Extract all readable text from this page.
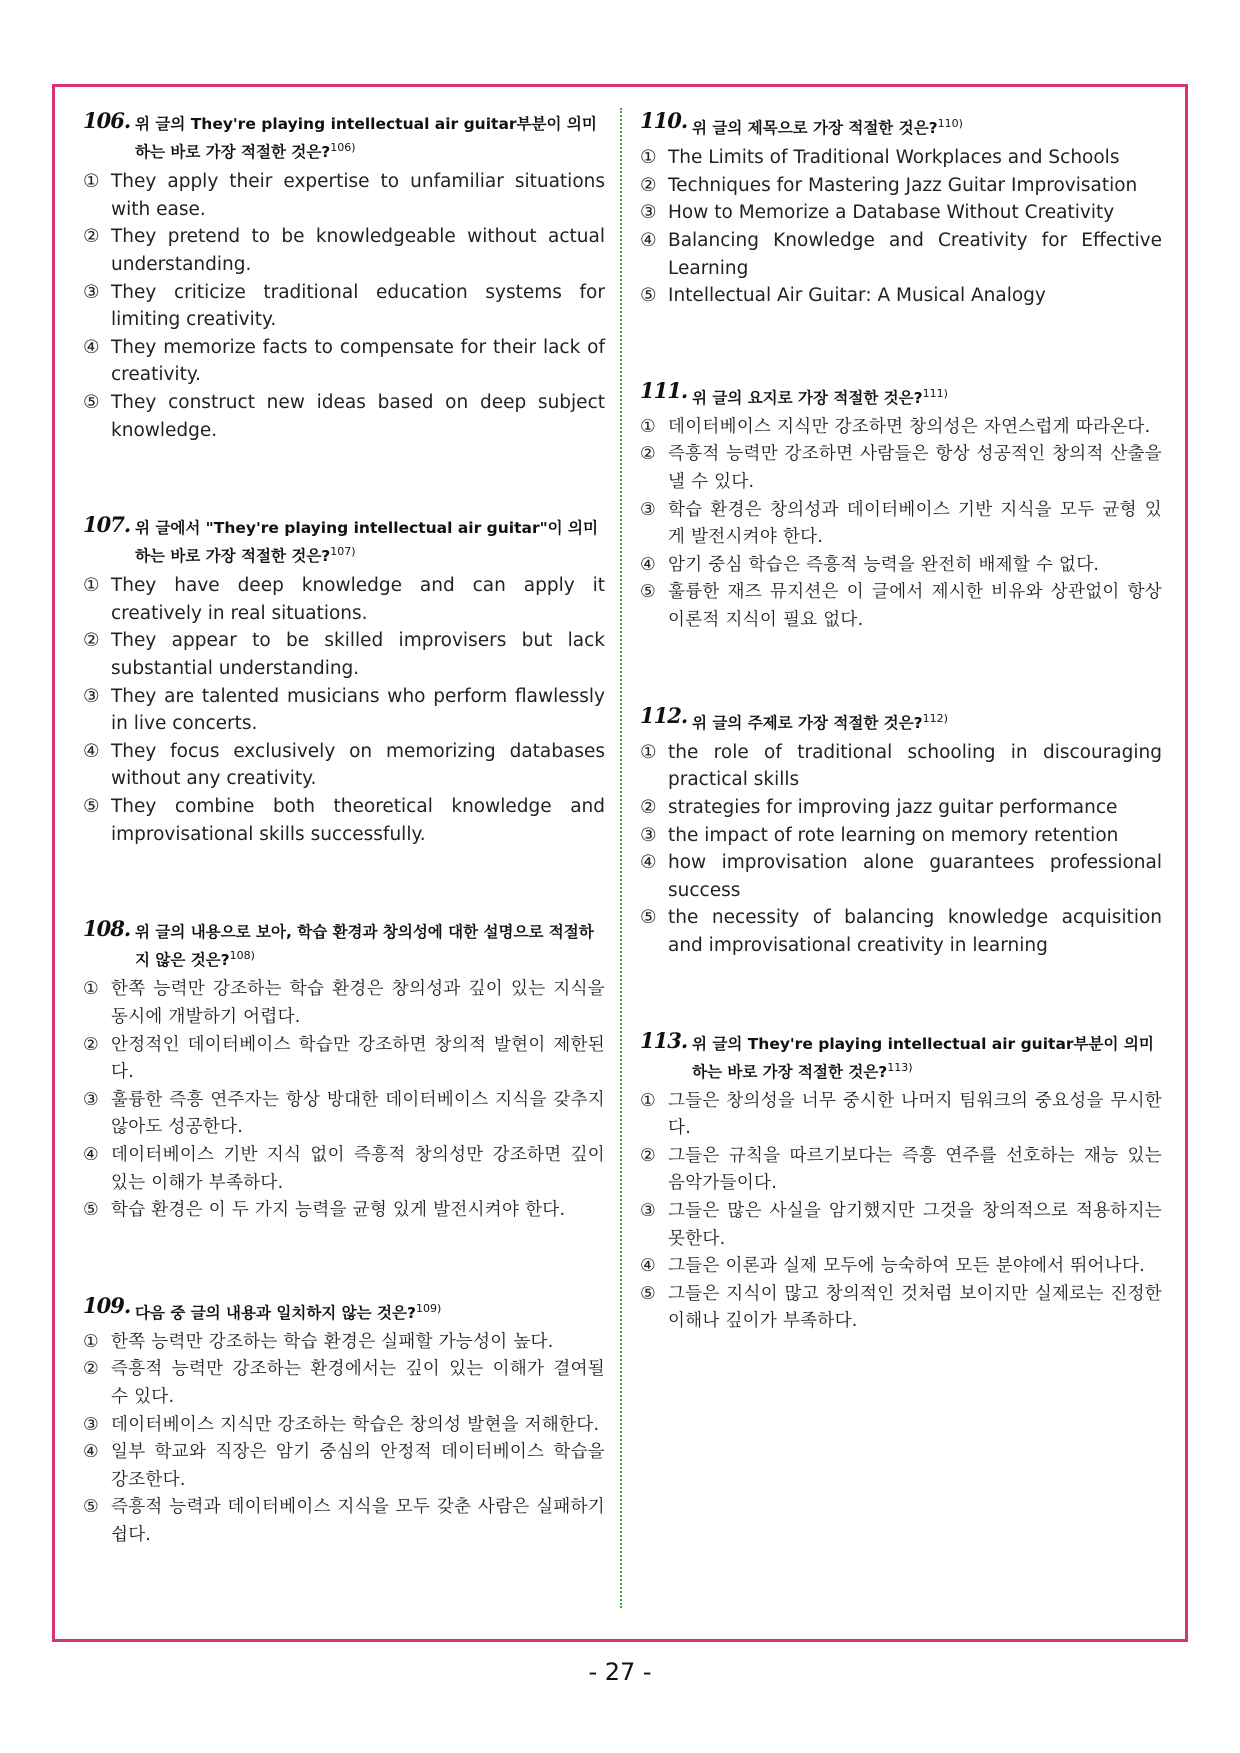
106. 위 글의 They're playing intellectual air guitar부분이 의미하는 바로 가장 적절한 것은?$^{106)}$
① They apply their expertise to unfamiliar situations with ease.
② They pretend to be knowledgeable without actual understanding.
③ They criticize traditional education systems for limiting creativity.
④ They memorize facts to compensate for their lack of creativity.
⑤ They construct new ideas based on deep subject knowledge.
107. 위 글에서 "They're playing intellectual air guitar"이 의미하는 바로 가장 적절한 것은?$^{107)}$
① They have deep knowledge and can apply it creatively in real situations.
② They appear to be skilled improvisers but lack substantial understanding.
③ They are talented musicians who perform flawlessly in live concerts.
④ They focus exclusively on memorizing databases without any creativity.
⑤ They combine both theoretical knowledge and improvisational skills successfully.
108. 위 글의 내용으로 보아, 학습 환경과 창의성에 대한 설명으로 적절하지 않은 것은?$^{108)}$
① 한쪽 능력만 강조하는 학습 환경은 창의성과 깊이 있는 지식을 동시에 개발하기 어렵다.
② 안정적인 데이터베이스 학습만 강조하면 창의적 발현이 제한된다.
③ 훌륭한 즉흥 연주자는 항상 방대한 데이터베이스 지식을 갖추지 않아도 성공한다.
④ 데이터베이스 기반 지식 없이 즉흥적 창의성만 강조하면 깊이 있는 이해가 부족하다.
⑤ 학습 환경은 이 두 가지 능력을 균형 있게 발전시켜야 한다.
109. 다음 중 글의 내용과 일치하지 않는 것은?$^{109)}$
① 한쪽 능력만 강조하는 학습 환경은 실패할 가능성이 높다.
② 즉흥적 능력만 강조하는 환경에서는 깊이 있는 이해가 결여될 수 있다.
③ 데이터베이스 지식만 강조하는 학습은 창의성 발현을 저해한다.
④ 일부 학교와 직장은 암기 중심의 안정적 데이터베이스 학습을 강조한다.
⑤ 즉흥적 능력과 데이터베이스 지식을 모두 갖춘 사람은 실패하기 쉽다.
110. 위 글의 제목으로 가장 적절한 것은?$^{110)}$
① The Limits of Traditional Workplaces and Schools
② Techniques for Mastering Jazz Guitar Improvisation
③ How to Memorize a Database Without Creativity
④ Balancing Knowledge and Creativity for Effective Learning
⑤ Intellectual Air Guitar: A Musical Analogy
111. 위 글의 요지로 가장 적절한 것은?$^{111)}$
① 데이터베이스 지식만 강조하면 창의성은 자연스럽게 따라온다.
② 즉흥적 능력만 강조하면 사람들은 항상 성공적인 창의적 산출을 낼 수 있다.
③ 학습 환경은 창의성과 데이터베이스 기반 지식을 모두 균형 있게 발전시켜야 한다.
④ 암기 중심 학습은 즉흥적 능력을 완전히 배제할 수 없다.
⑤ 훌륭한 재즈 뮤지션은 이 글에서 제시한 비유와 상관없이 항상 이론적 지식이 필요 없다.
112. 위 글의 주제로 가장 적절한 것은?$^{112)}$
① the role of traditional schooling in discouraging practical skills
② strategies for improving jazz guitar performance
③ the impact of rote learning on memory retention
④ how improvisation alone guarantees professional success
⑤ the necessity of balancing knowledge acquisition and improvisational creativity in learning
113. 위 글의 They're playing intellectual air guitar부분이 의미하는 바로 가장 적절한 것은?$^{113)}$
① 그들은 창의성을 너무 중시한 나머지 팀워크의 중요성을 무시한다.
② 그들은 규칙을 따르기보다는 즉흥 연주를 선호하는 재능 있는 음악가들이다.
③ 그들은 많은 사실을 암기했지만 그것을 창의적으로 적용하지는 못한다.
④ 그들은 이론과 실제 모두에 능숙하여 모든 분야에서 뛰어나다.
⑤ 그들은 지식이 많고 창의적인 것처럼 보이지만 실제로는 진정한 이해나 깊이가 부족하다.
- 27 -
